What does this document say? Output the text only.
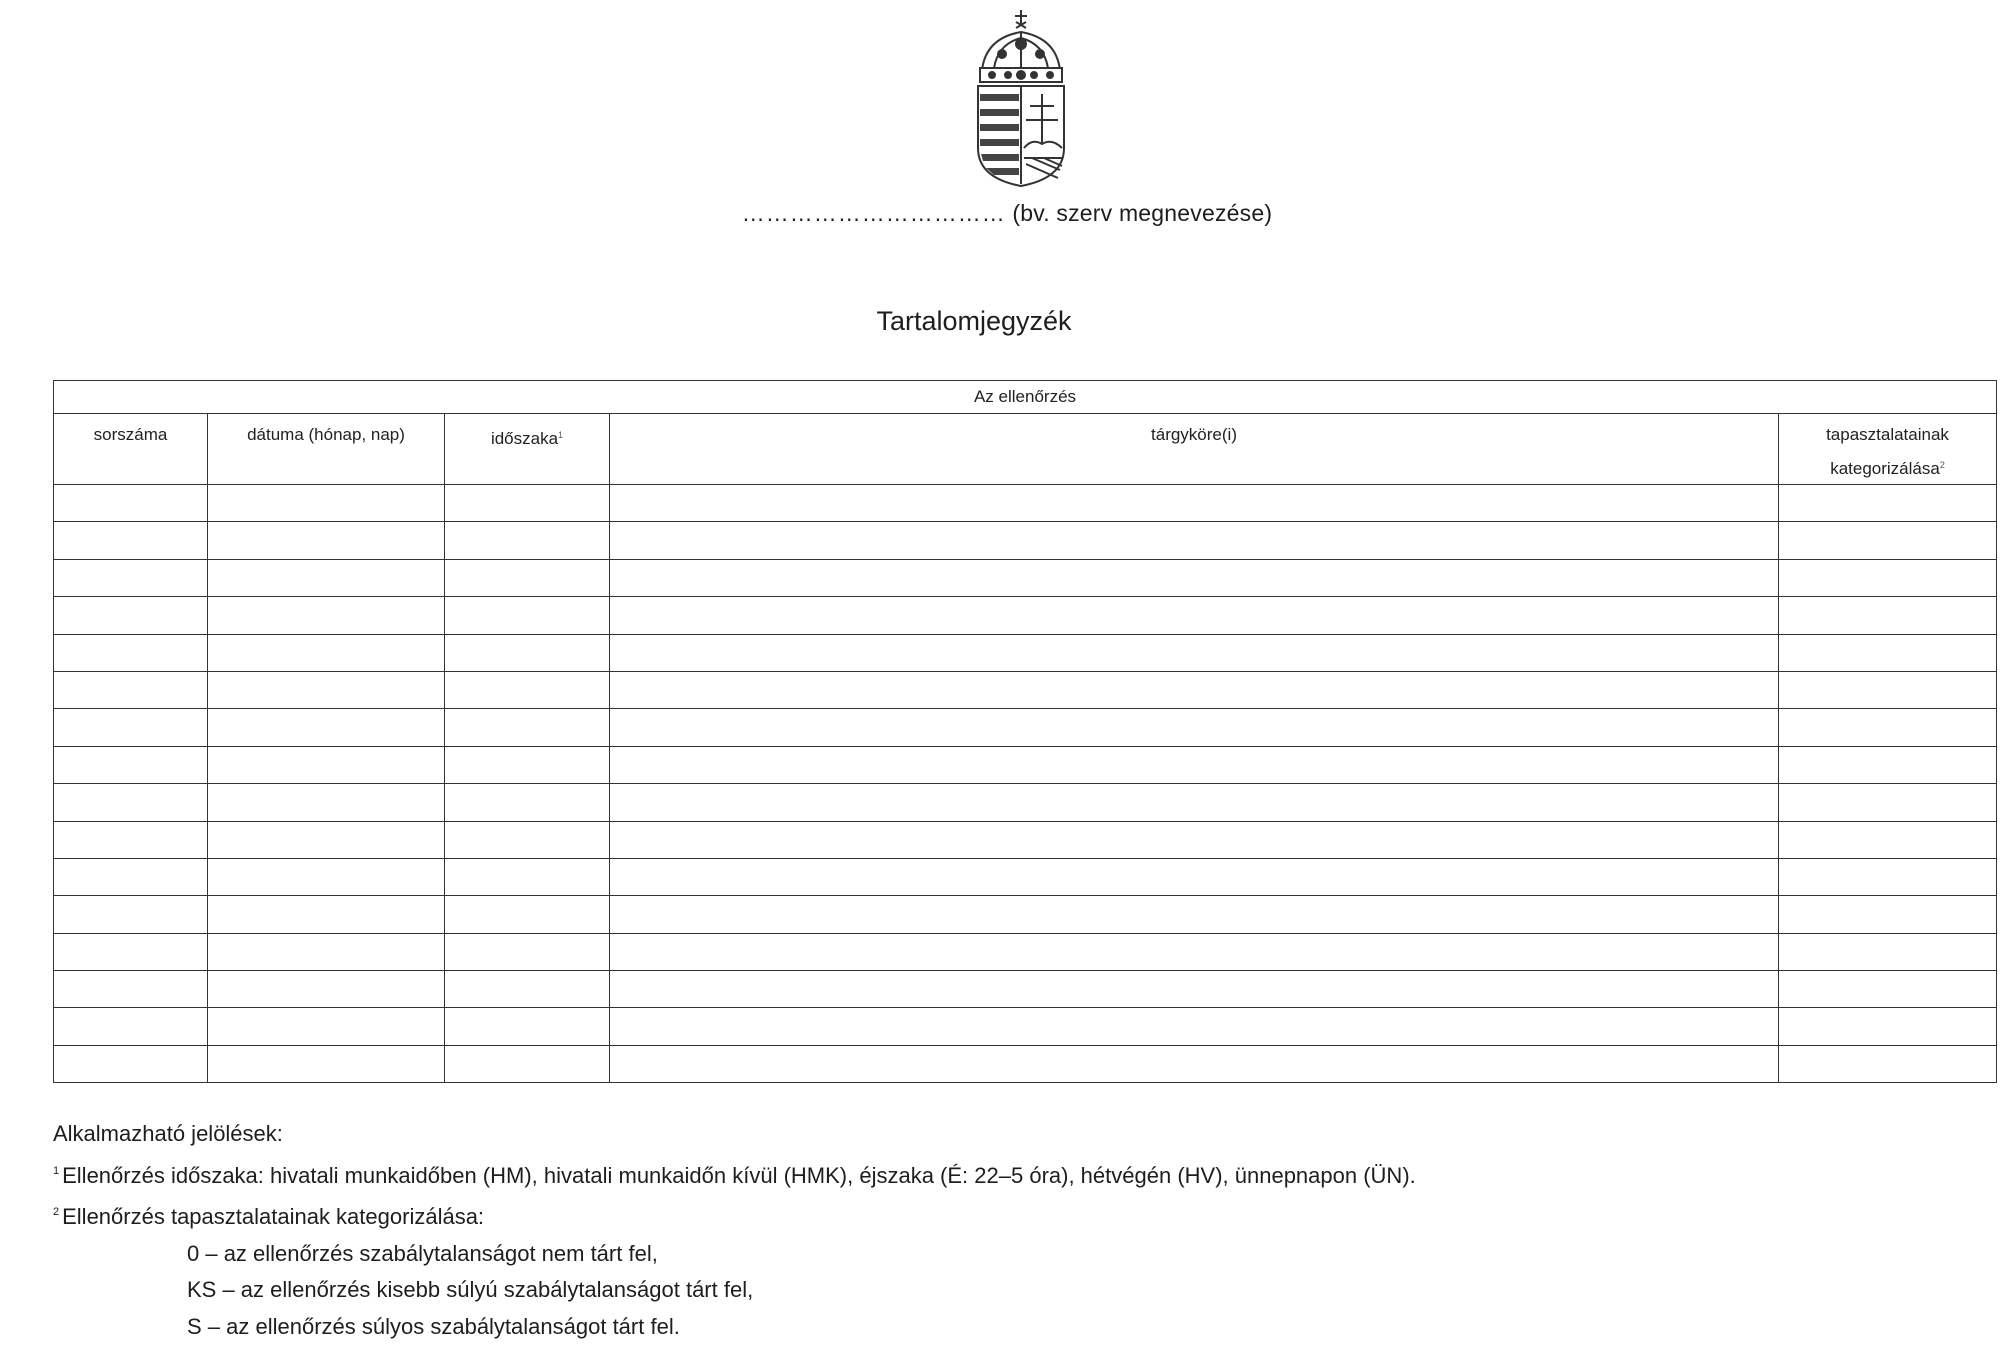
…………………………… (bv. szerv megnevezése)
Tartalomjegyzék
Az ellenőrzés				
sorszáma	dátuma (hónap, nap)	időszaka$^1$	tárgyköre(i)	tapasztalatainak
kategorizálása$^2$

Alkalmazható jelölések:
$^1$ Ellenőrzés időszaka: hivatali munkaidőben (HM), hivatali munkaidőn kívül (HMK), éjszaka (É: 22–5 óra), hétvégén (HV), ünnepnapon (ÜN).
$^2$ Ellenőrzés tapasztalatainak kategorizálása:
0 – az ellenőrzés szabálytalanságot nem tárt fel,
KS – az ellenőrzés kisebb súlyú szabálytalanságot tárt fel,
S – az ellenőrzés súlyos szabálytalanságot tárt fel.
